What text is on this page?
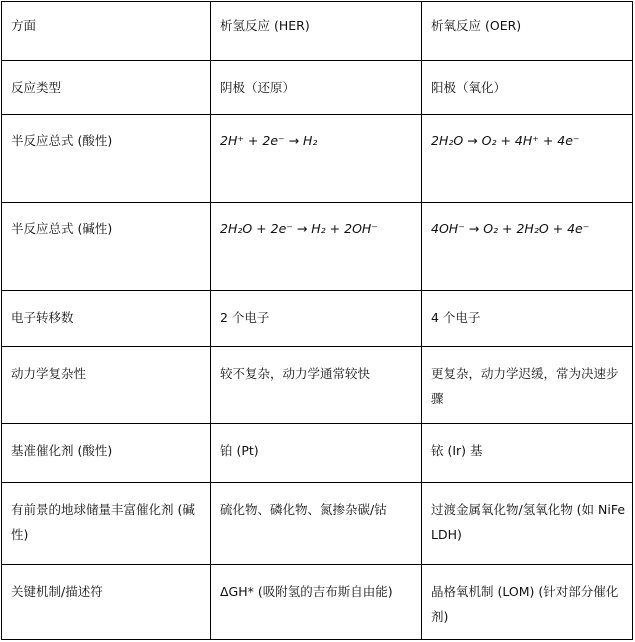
方面	析氢反应 (HER)	析氧反应 (OER)
反应类型	阴极（还原）	阳极（氧化）
半反应总式 (酸性)	2H⁺ + 2e⁻ → H₂	2H₂O → O₂ + 4H⁺ + 4e⁻
半反应总式 (碱性)	2H₂O + 2e⁻ → H₂ + 2OH⁻	4OH⁻ → O₂ + 2H₂O + 4e⁻
电子转移数	2 个电子	4 个电子
动力学复杂性	较不复杂，动力学通常较快	更复杂，动力学迟缓，常为决速步骤
基准催化剂 (酸性)	铂 (Pt)	铱 (Ir) 基
有前景的地球储量丰富催化剂 (碱性)	硫化物、磷化物、氮掺杂碳/钴	过渡金属氧化物/氢氧化物 (如 NiFe LDH)
关键机制/描述符	ΔGH* (吸附氢的吉布斯自由能)	晶格氧机制 (LOM) (针对部分催化剂)
